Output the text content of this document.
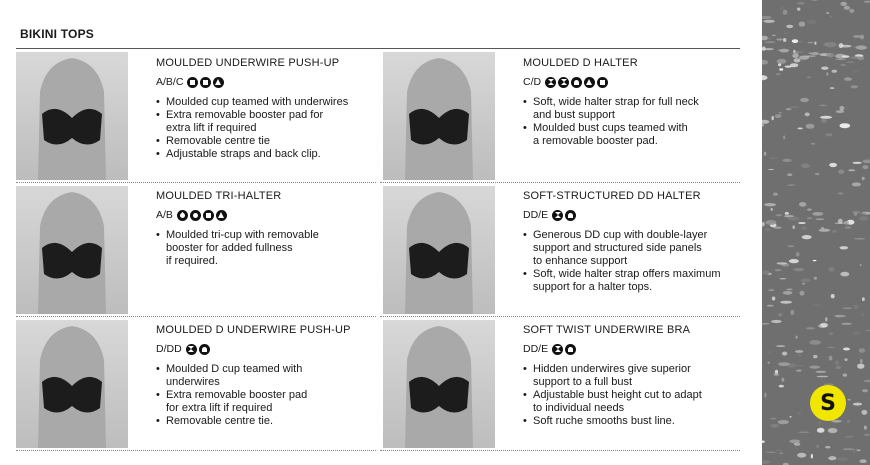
BIKINI TOPS
MOULDED UNDERWIRE PUSH-UP
A/B/C
• Moulded cup teamed with underwires
• Extra removable booster pad for
extra lift if required
• Removable centre tie
• Adjustable straps and back clip.
MOULDED D HALTER
C/D
• Soft, wide halter strap for full neck
and bust support
• Moulded bust cups teamed with
a removable booster pad.
MOULDED TRI-HALTER
A/B
• Moulded tri-cup with removable
booster for added fullness
if required.
SOFT-STRUCTURED DD HALTER
DD/E
• Generous DD cup with double-layer
support and structured side panels
to enhance support
• Soft, wide halter strap offers maximum
support for a halter tops.
MOULDED D UNDERWIRE PUSH-UP
D/DD
• Moulded D cup teamed with
underwires
• Extra removable booster pad
for extra lift if required
• Removable centre tie.
SOFT TWIST UNDERWIRE BRA
DD/E
• Hidden underwires give superior
support to a full bust
• Adjustable bust height cut to adapt
to individual needs
• Soft ruche smooths bust line.
S
